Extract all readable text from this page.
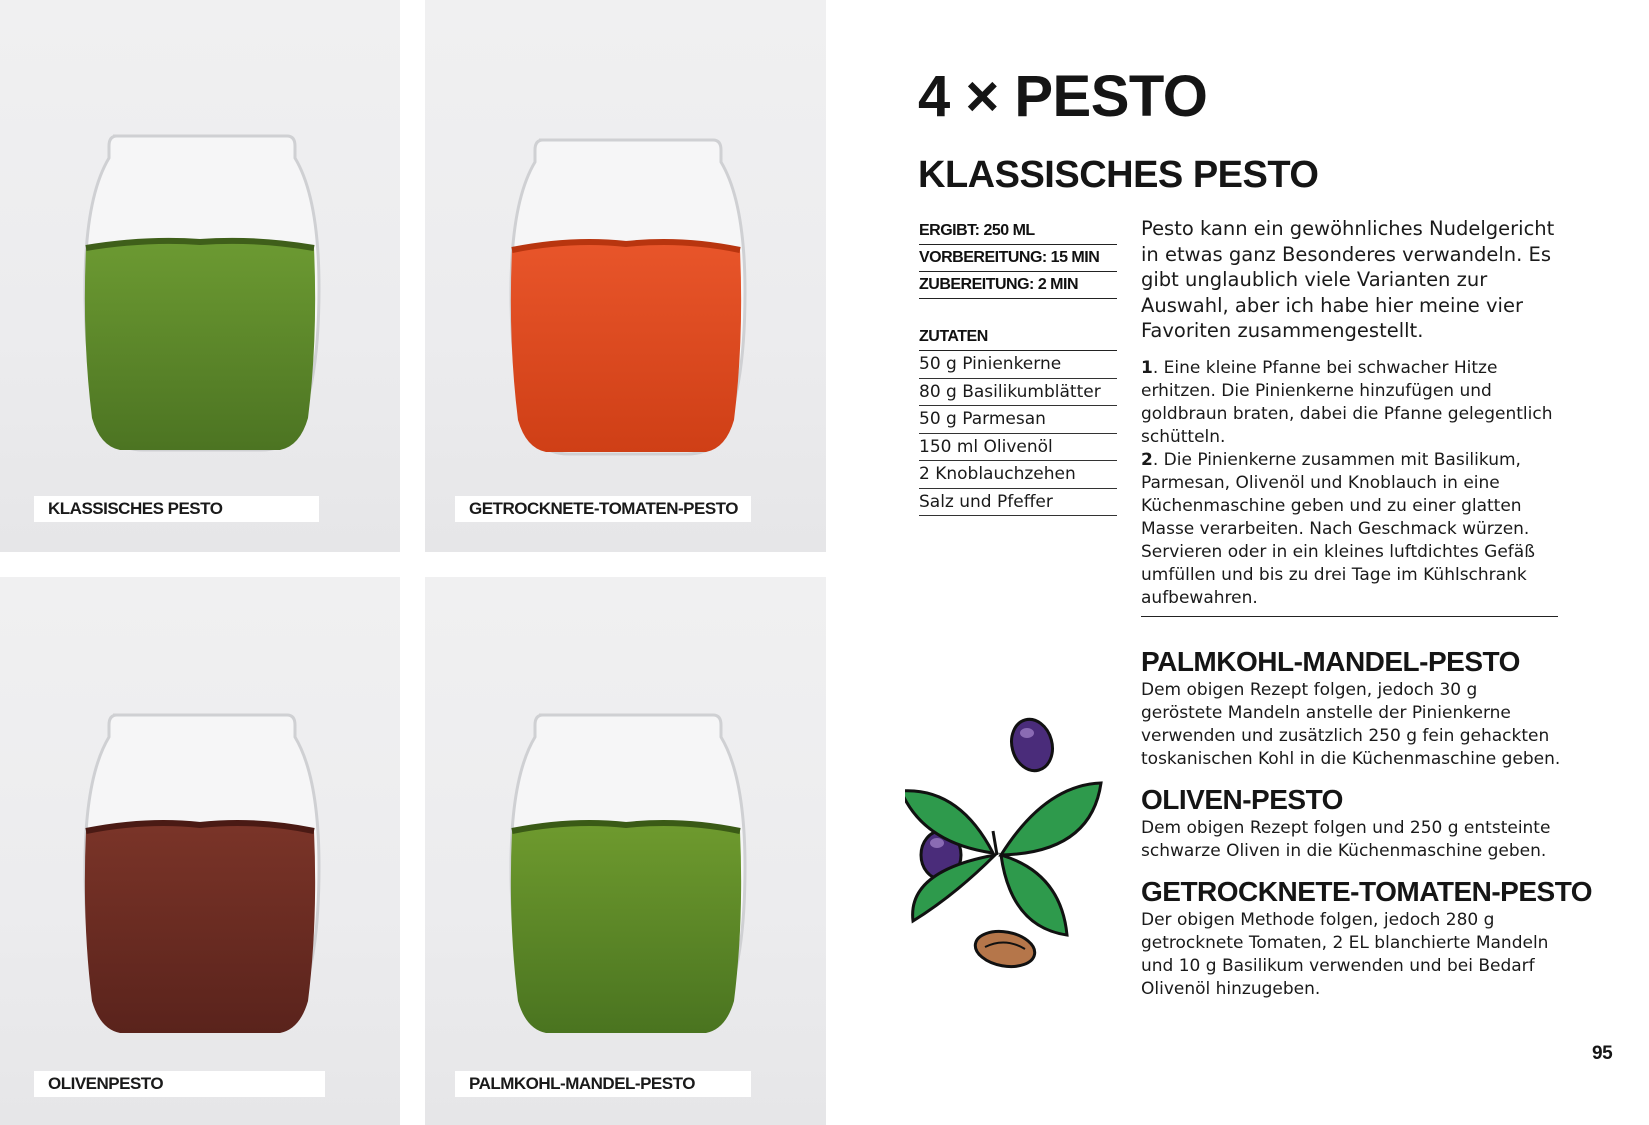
KLASSISCHES PESTO	GETROCKNETE-TOMATEN-PESTO
OLIVENPESTO	PALMKOHL-MANDEL-PESTO
4 × PESTO
KLASSISCHES PESTO
ERGIBT: 250 ML
VORBEREITUNG: 15 MIN
ZUBEREITUNG: 2 MIN
ZUTATEN
50 g Pinienkerne
80 g Basilikumblätter
50 g Parmesan
150 ml Olivenöl
2 Knoblauchzehen
Salz und Pfeffer
Pesto kann ein gewöhnliches Nudelgericht in etwas ganz Besonderes verwandeln. Es gibt unglaublich viele Varianten zur Auswahl, aber ich habe hier meine vier Favoriten zusammengestellt.
1. Eine kleine Pfanne bei schwacher Hitze erhitzen. Die Pinienkerne hinzufügen und goldbraun braten, dabei die Pfanne gelegentlich schütteln.
2. Die Pinienkerne zusammen mit Basilikum, Parmesan, Olivenöl und Knoblauch in eine Küchenmaschine geben und zu einer glatten Masse verarbeiten. Nach Geschmack würzen. Servieren oder in ein kleines luftdichtes Gefäß umfüllen und bis zu drei Tage im Kühlschrank aufbewahren.
PALMKOHL-MANDEL-PESTO
Dem obigen Rezept folgen, jedoch 30 g geröstete Mandeln anstelle der Pinienkerne verwenden und zusätzlich 250 g fein gehackten toskanischen Kohl in die Küchenmaschine geben.
OLIVEN-PESTO
Dem obigen Rezept folgen und 250 g entsteinte schwarze Oliven in die Küchenmaschine geben.
GETROCKNETE-TOMATEN-PESTO
Der obigen Methode folgen, jedoch 280 g getrocknete Tomaten, 2 EL blanchierte Mandeln und 10 g Basilikum verwenden und bei Bedarf Olivenöl hinzugeben.
95
